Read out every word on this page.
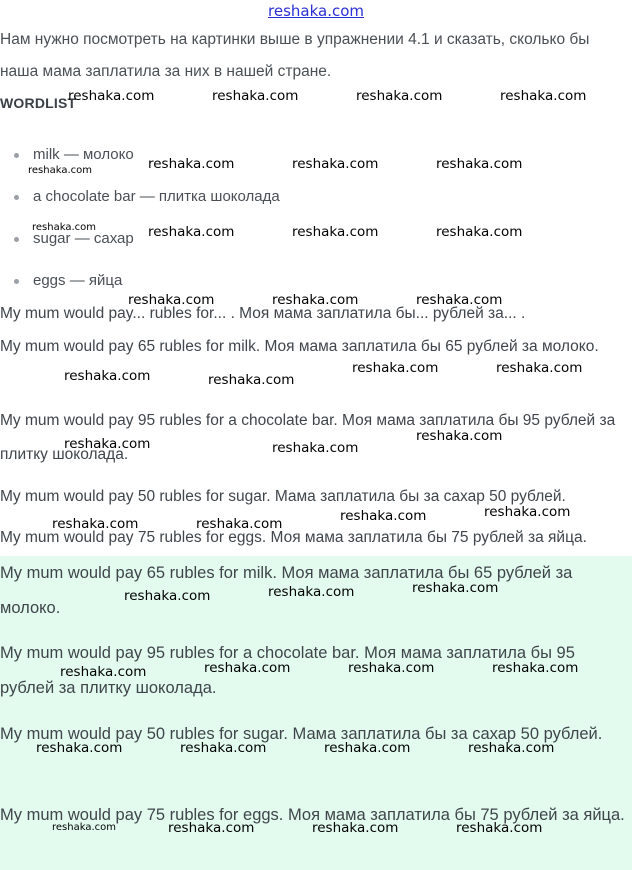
reshaka.com

Нам нужно посмотреть на картинки выше в упражнении 4.1 и сказать, сколько бы наша мама заплатила за них в нашей стране.

WORDLIST
milk — молоко
a chocolate bar — плитка шоколада
sugar — сахар
eggs — яйца

My mum would pay... rubles for... . Моя мама заплатила бы... рублей за... .

My mum would pay 65 rubles for milk. Моя мама заплатила бы 65 рублей за молоко.

My mum would pay 95 rubles for a chocolate bar. Моя мама заплатила бы 95 рублей за плитку шоколада.

My mum would pay 50 rubles for sugar. Мама заплатила бы за сахар 50 рублей.

My mum would pay 75 rubles for eggs. Моя мама заплатила бы 75 рублей за яйца.

My mum would pay 65 rubles for milk. Моя мама заплатила бы 65 рублей за молоко.

My mum would pay 95 rubles for a chocolate bar. Моя мама заплатила бы 95 рублей за плитку шоколада.

My mum would pay 50 rubles for sugar. Мама заплатила бы за сахар 50 рублей.

My mum would pay 75 rubles for eggs. Моя мама заплатила бы 75 рублей за яйца.

reshaka.com	reshaka.com	reshaka.com	reshaka.com
reshaka.com	reshaka.com	reshaka.com	reshaka.com
reshaka.com	reshaka.com	reshaka.com	reshaka.com
reshaka.com	reshaka.com	reshaka.com
reshaka.com	reshaka.com
reshaka.com	reshaka.com
reshaka.com	reshaka.com
reshaka.com
reshaka.com	reshaka.com	reshaka.com	reshaka.com
reshaka.com	reshaka.com	reshaka.com
reshaka.com	reshaka.com	reshaka.com	reshaka.com
reshaka.com	reshaka.com	reshaka.com	reshaka.com
reshaka.com	reshaka.com	reshaka.com	reshaka.com
